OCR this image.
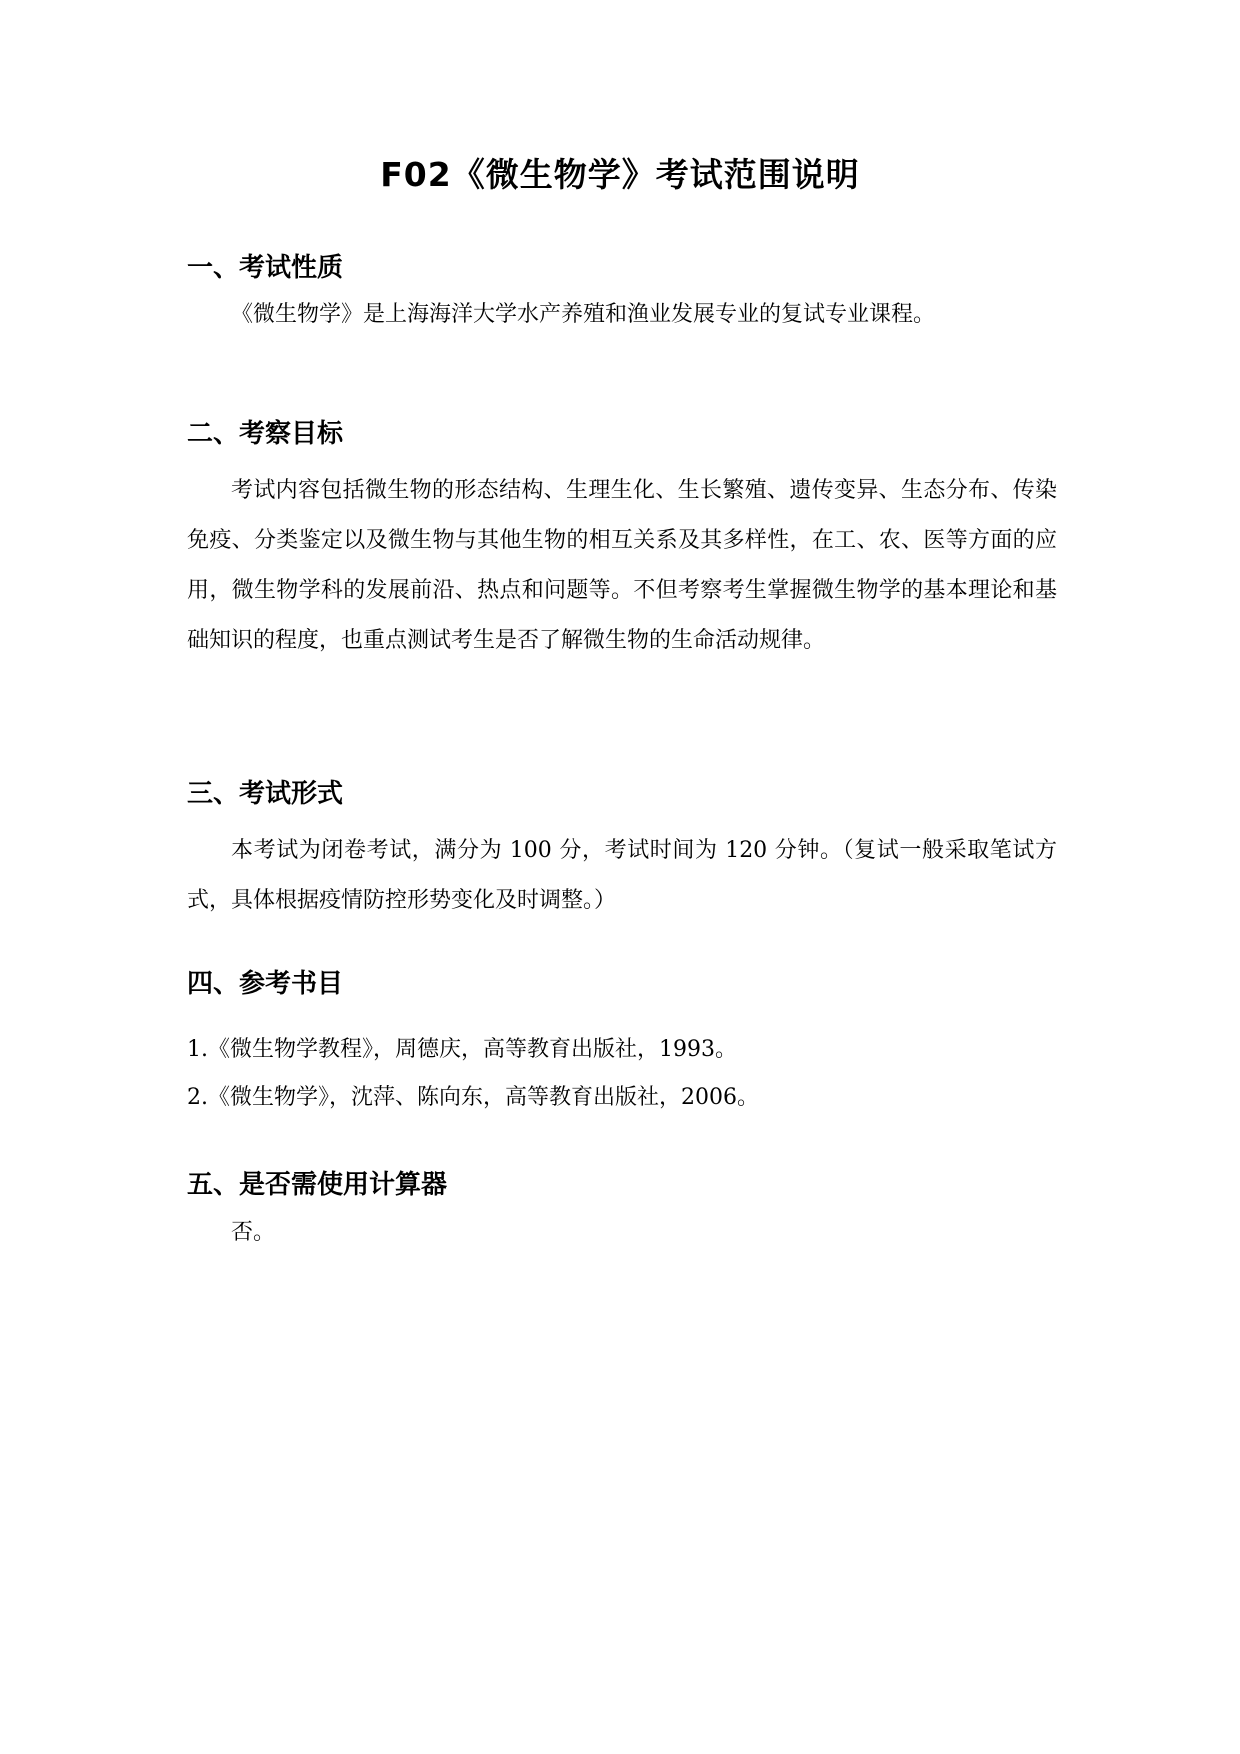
F02《微生物学》考试范围说明
一、考试性质
《微生物学》是上海海洋大学水产养殖和渔业发展专业的复试专业课程。
二、考察目标
考试内容包括微生物的形态结构、生理生化、生长繁殖、遗传变异、生态分布、传染免疫、分类鉴定以及微生物与其他生物的相互关系及其多样性，在工、农、医等方面的应用，微生物学科的发展前沿、热点和问题等。不但考察考生掌握微生物学的基本理论和基础知识的程度，也重点测试考生是否了解微生物的生命活动规律。
三、考试形式
本考试为闭卷考试，满分为 100 分，考试时间为 120 分钟。（复试一般采取笔试方式，具体根据疫情防控形势变化及时调整。）
四、参考书目
1.《微生物学教程》，周德庆，高等教育出版社，1993。
2.《微生物学》，沈萍、陈向东，高等教育出版社，2006。
五、是否需使用计算器
否。
